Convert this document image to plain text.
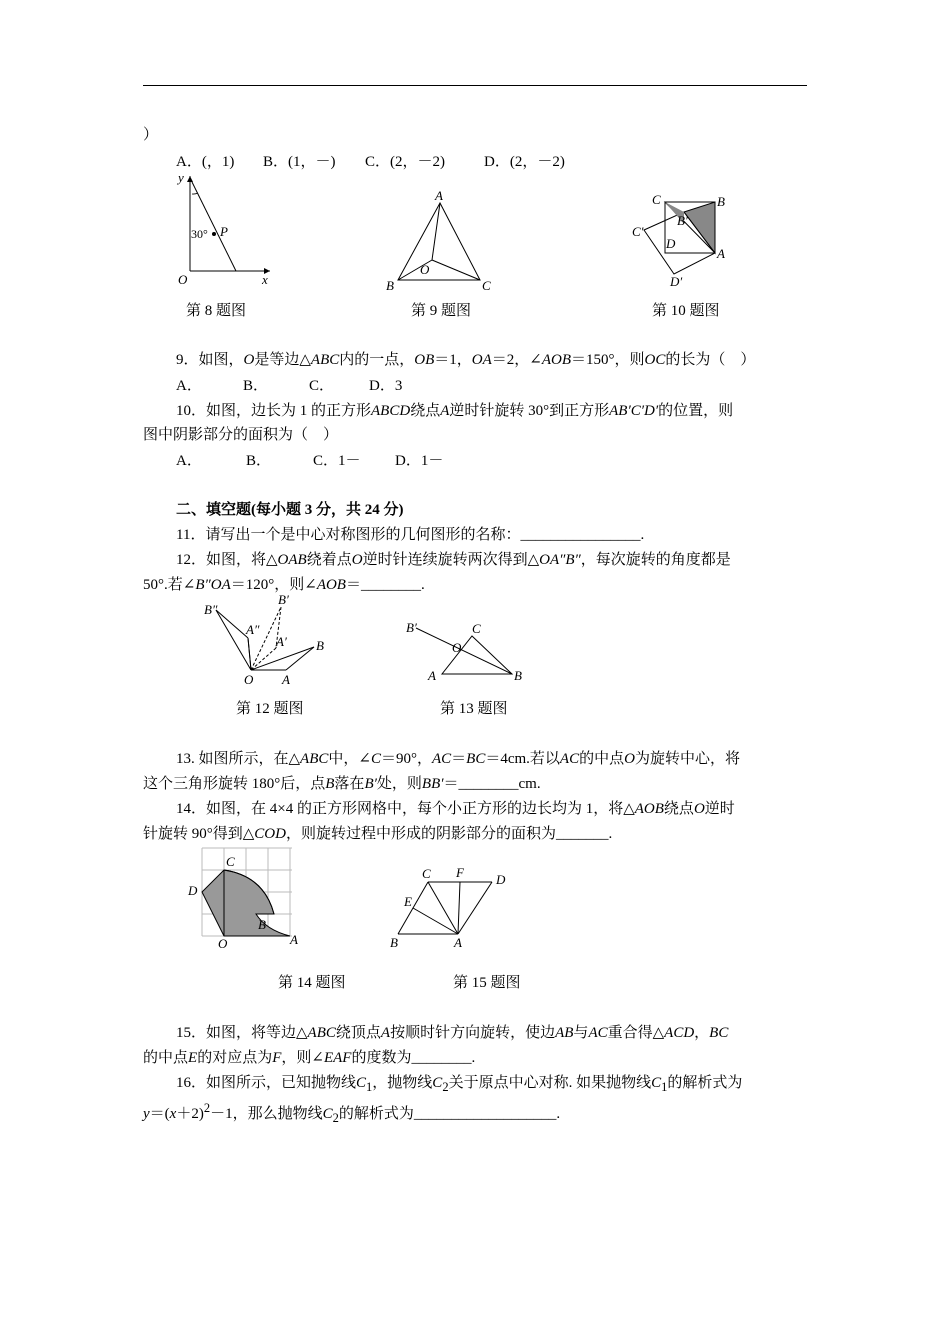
）
A．(，1) B．(1，－) C．(2，－2)	D．(2，－2)
y
x
O
30° P
第 8 题图
A
B	C
O
第 9 题图
C	B
B′
C′
D
A
D′
第 10 题图
9．如图，O是等边△ABC内的一点，OB＝1，OA＝2，∠AOB＝150°，则OC的长为（　）
A．	B．	C． D．3
10．如图，边长为 1 的正方形ABCD绕点A逆时针旋转 30°到正方形AB′C′D′的位置，则
图中阴影部分的面积为（　）
A．	B．	C．1－ D．1－
二、填空题(每小题 3 分，共 24 分)
11．请写出一个是中心对称图形的几何图形的名称：________________.
12．如图，将△OAB绕着点O逆时针连续旋转两次得到△OA″B″，每次旋转的角度都是
50°.若∠B″OA＝120°，则∠AOB＝________.
B″
B′
A″
A′ B
O A
第 12 题图
B′	C
O
A	B
第 13 题图
13. 如图所示，在△ABC中，∠C＝90°，AC＝BC＝4cm.若以AC的中点O为旋转中心，将
这个三角形旋转 180°后，点B落在B′处，则BB′＝________cm.
14．如图，在 4×4 的正方形网格中，每个小正方形的边长均为 1，将△AOB绕点O逆时
针旋转 90°得到△COD，则旋转过程中形成的阴影部分的面积为_______.
C
D
B
O	A
第 14 题图
C F D
E
B	A
第 15 题图
15．如图，将等边△ABC绕顶点A按顺时针方向旋转，使边AB与AC重合得△ACD，BC
的中点E的对应点为F，则∠EAF的度数为________.
16．如图所示，已知抛物线$C_1$，抛物线$C_2$关于原点中心对称. 如果抛物线$C_1$的解析式为
$y=(x+2)^2-1$，那么抛物线$C_2$的解析式为___________________.
